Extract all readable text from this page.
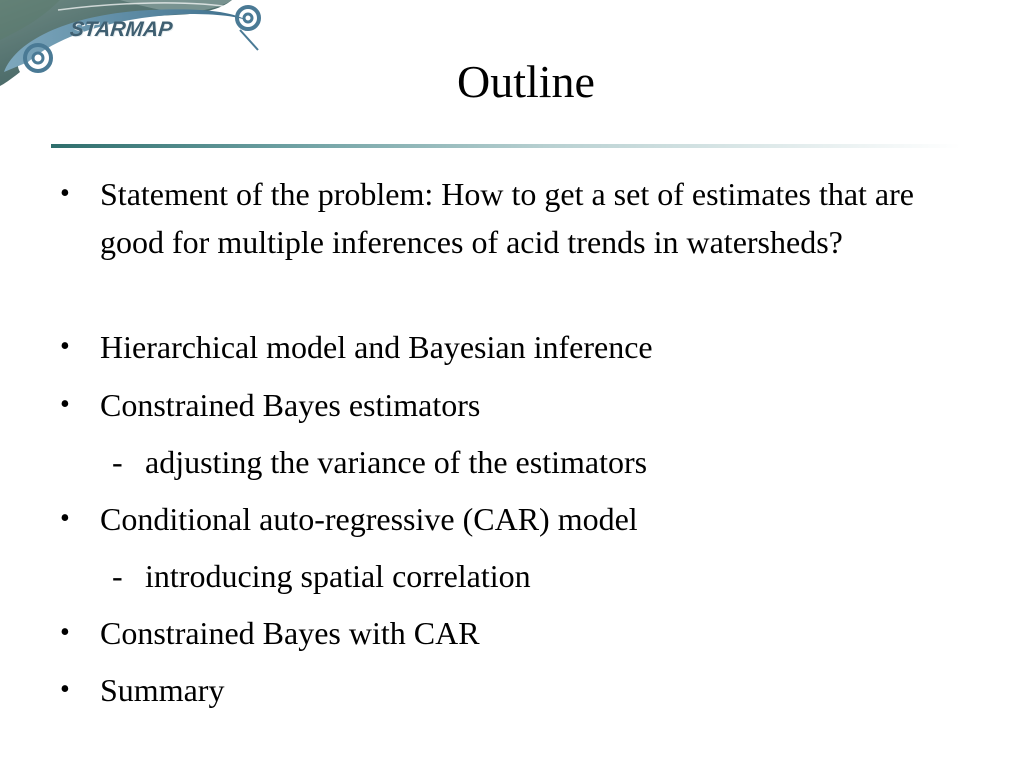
STARMAP
Outline
• Statement of the problem: How to get a set of estimates that are good for multiple inferences of acid trends in watersheds?
• Hierarchical model and Bayesian inference
• Constrained Bayes estimators
- adjusting the variance of the estimators
• Conditional auto-regressive (CAR) model
- introducing spatial correlation
• Constrained Bayes with CAR
• Summary
